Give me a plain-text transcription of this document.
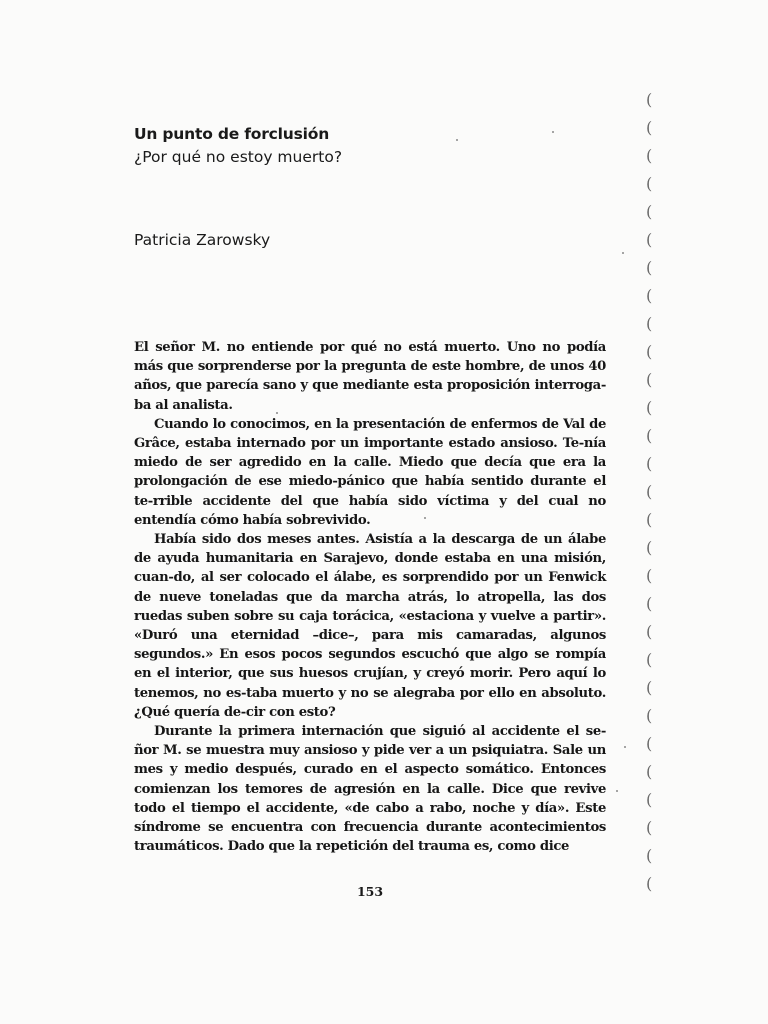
Un punto de forclusión
¿Por qué no estoy muerto?
Patricia Zarowsky

El señor M. no entiende por qué no está muerto. Uno no podía más que sorprenderse por la pregunta de este hombre, de unos 40 años, que parecía sano y que mediante esta proposición interroga-ba al analista.

Cuando lo conocimos, en la presentación de enfermos de Val de Grâce, estaba internado por un importante estado ansioso. Te-nía miedo de ser agredido en la calle. Miedo que decía que era la prolongación de ese miedo-pánico que había sentido durante el te-rrible accidente del que había sido víctima y del cual no entendía cómo había sobrevivido.

Había sido dos meses antes. Asistía a la descarga de un álabe de ayuda humanitaria en Sarajevo, donde estaba en una misión, cuan-do, al ser colocado el álabe, es sorprendido por un Fenwick de nueve toneladas que da marcha atrás, lo atropella, las dos ruedas suben sobre su caja torácica, «estaciona y vuelve a partir». «Duró una eternidad –dice–, para mis camaradas, algunos segundos.» En esos pocos segundos escuchó que algo se rompía en el interior, que sus huesos crujían, y creyó morir. Pero aquí lo tenemos, no es-taba muerto y no se alegraba por ello en absoluto. ¿Qué quería de-cir con esto?

Durante la primera internación que siguió al accidente el se-ñor M. se muestra muy ansioso y pide ver a un psiquiatra. Sale un mes y medio después, curado en el aspecto somático. Entonces comienzan los temores de agresión en la calle. Dice que revive todo el tiempo el accidente, «de cabo a rabo, noche y día». Este síndrome se encuentra con frecuencia durante acontecimientos traumáticos. Dado que la repetición del trauma es, como dice

153
(
(
(
(
(
(
(
(
(
(
(
(
(
(
(
(
(
(
(
(
(
(
(
(
(
(
(
(
(
